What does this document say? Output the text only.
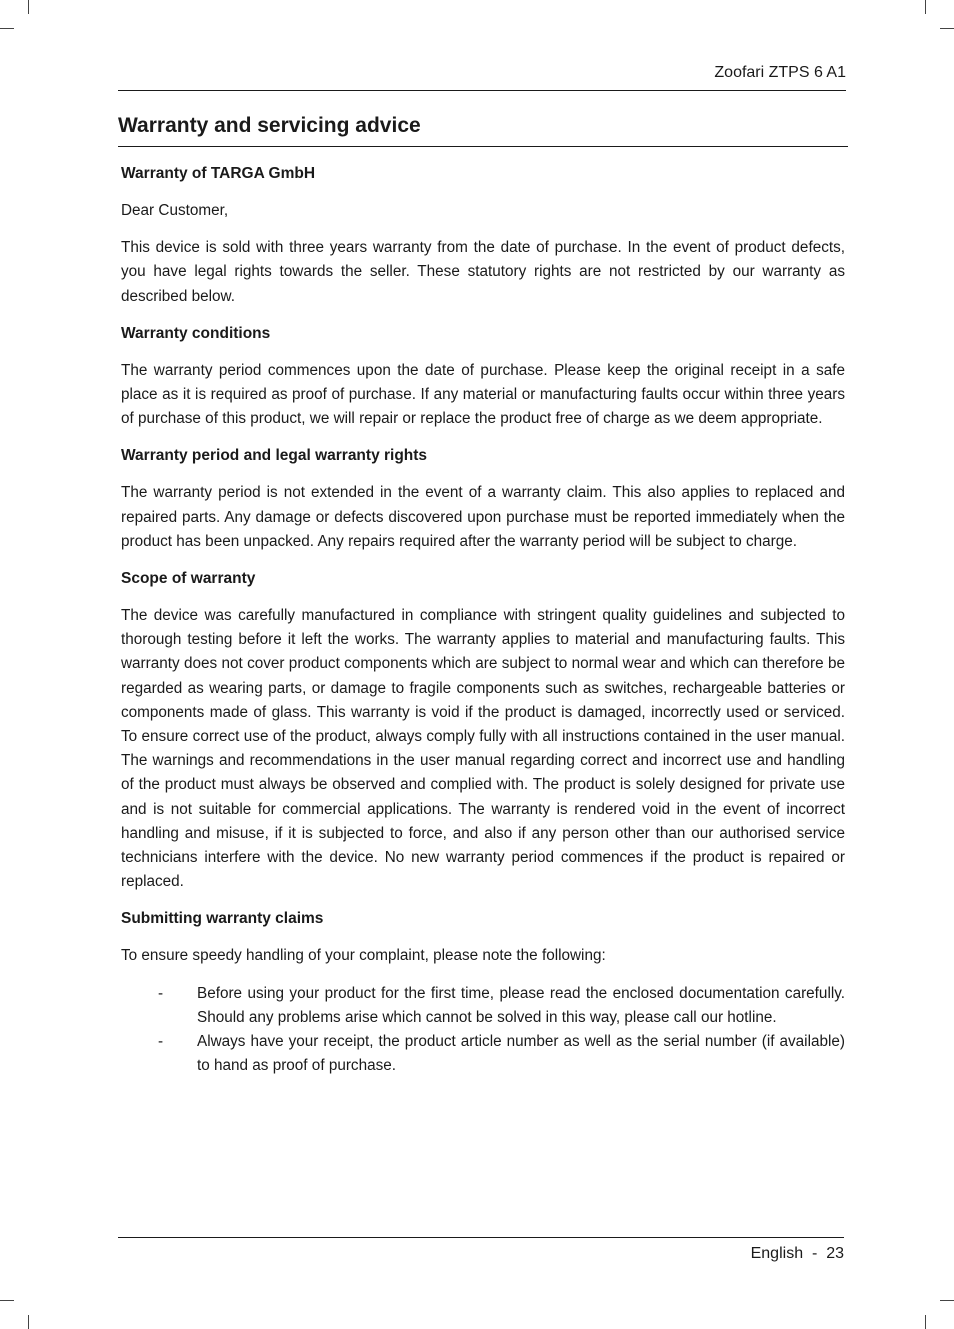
Zoofari ZTPS 6 A1
Warranty and servicing advice
Warranty of TARGA GmbH

Dear Customer,

This device is sold with three years warranty from the date of purchase. In the event of product defects, you have legal rights towards the seller. These statutory rights are not restricted by our warranty as described below.

Warranty conditions

The warranty period commences upon the date of purchase. Please keep the original receipt in a safe place as it is required as proof of purchase. If any material or manufacturing faults occur within three years of purchase of this product, we will repair or replace the product free of charge as we deem appropriate.

Warranty period and legal warranty rights

The warranty period is not extended in the event of a warranty claim. This also applies to replaced and repaired parts. Any damage or defects discovered upon purchase must be reported immediately when the product has been unpacked. Any repairs required after the warranty period will be subject to charge.

Scope of warranty

The device was carefully manufactured in compliance with stringent quality guidelines and subjected to thorough testing before it left the works. The warranty applies to material and manufacturing faults. This warranty does not cover product components which are subject to normal wear and which can therefore be regarded as wearing parts, or damage to fragile components such as switches, rechargeable batteries or components made of glass. This warranty is void if the product is damaged, incorrectly used or serviced. To ensure correct use of the product, always comply fully with all instructions contained in the user manual. The warnings and recommendations in the user manual regarding correct and incorrect use and handling of the product must always be observed and complied with. The product is solely designed for private use and is not suitable for commercial applications. The warranty is rendered void in the event of incorrect handling and misuse, if it is subjected to force, and also if any person other than our authorised service technicians interfere with the device. No new warranty period commences if the product is repaired or replaced.

Submitting warranty claims

To ensure speedy handling of your complaint, please note the following:

- Before using your product for the first time, please read the enclosed documentation carefully. Should any problems arise which cannot be solved in this way, please call our hotline.
- Always have your receipt, the product article number as well as the serial number (if available) to hand as proof of purchase.
English  -  23
